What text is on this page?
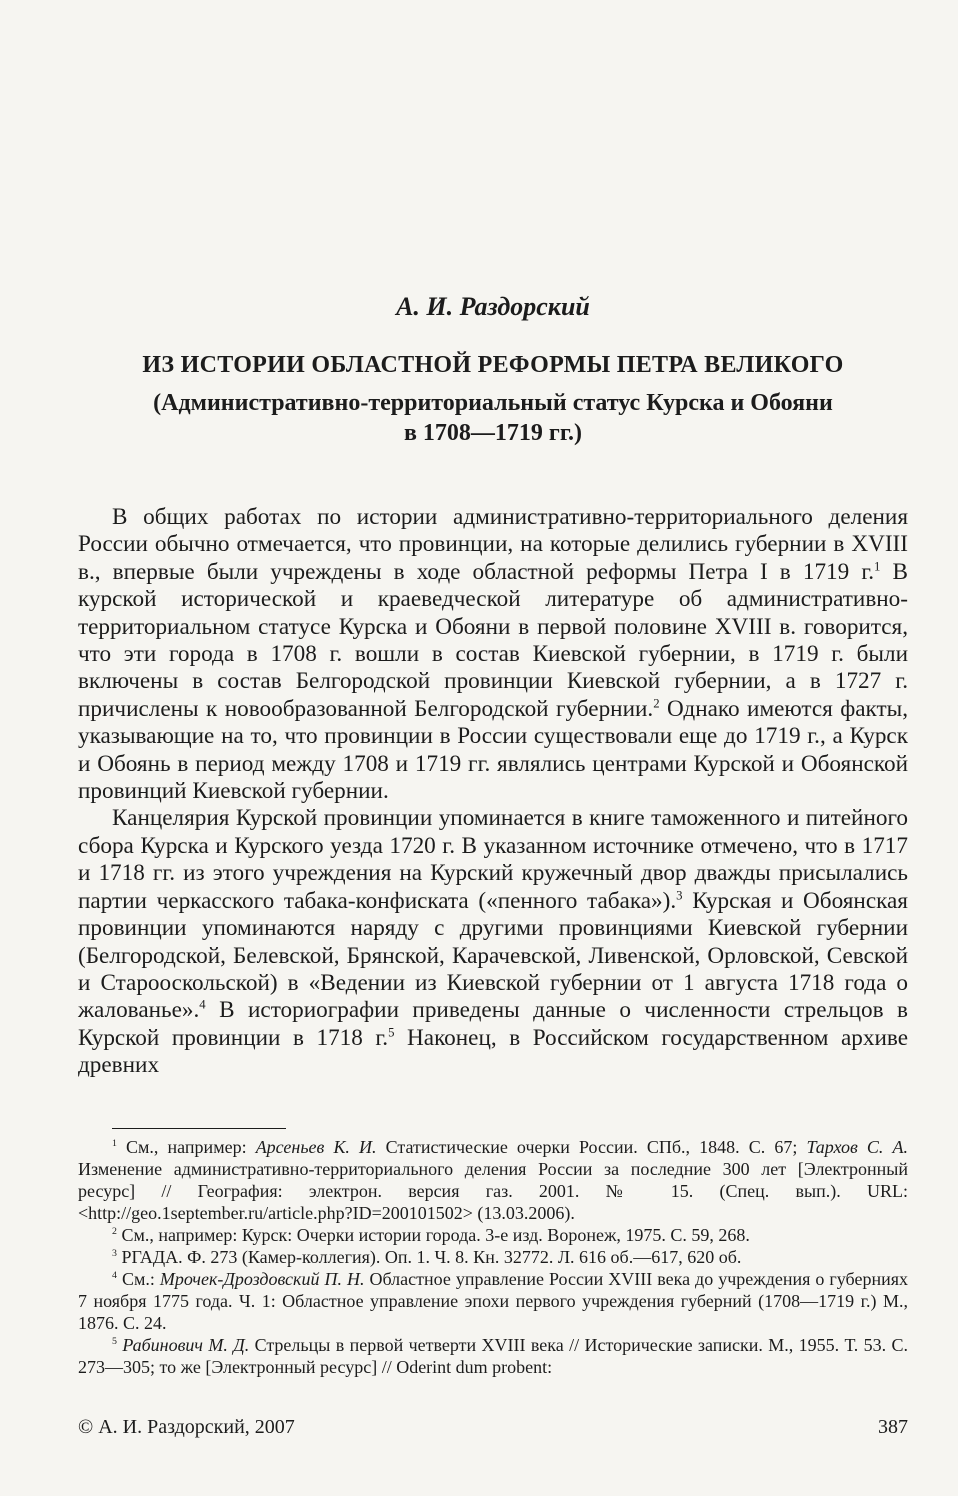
А. И. Раздорский
ИЗ ИСТОРИИ ОБЛАСТНОЙ РЕФОРМЫ ПЕТРА ВЕЛИКОГО
(Административно-территориальный статус Курска и Обояни
в 1708—1719 гг.)

В общих работах по истории административно-территориального деления России обычно отмечается, что провинции, на которые делились губернии в XVIII в., впервые были учреждены в ходе областной реформы Петра I в 1719 г.$^1$ В курской исторической и краеведческой литературе об административно-территориальном статусе Курска и Обояни в первой половине XVIII в. говорится, что эти города в 1708 г. вошли в состав Киевской губернии, в 1719 г. были включены в состав Белгородской провинции Киевской губернии, а в 1727 г. причислены к новообразованной Белгородской губернии.$^2$ Однако имеются факты, указывающие на то, что провинции в России существовали еще до 1719 г., а Курск и Обоянь в период между 1708 и 1719 гг. являлись центрами Курской и Обоянской провинций Киевской губернии.

Канцелярия Курской провинции упоминается в книге таможенного и питейного сбора Курска и Курского уезда 1720 г. В указанном источнике отмечено, что в 1717 и 1718 гг. из этого учреждения на Курский кружечный двор дважды присылались партии черкасского табака-конфиската («пенного табака»).$^3$ Курская и Обоянская провинции упоминаются наряду с другими провинциями Киевской губернии (Белгородской, Белевской, Брянской, Карачевской, Ливенской, Орловской, Севской и Старооскольской) в «Ведении из Киевской губернии от 1 августа 1718 года о жалованье».$^4$ В историографии приведены данные о численности стрельцов в Курской провинции в 1718 г.$^5$ Наконец, в Российском государственном архиве древних

$^1$ См., например: Арсеньев К. И. Статистические очерки России. СПб., 1848. С. 67; Тархов С. А. Изменение административно-территориального деления России за последние 300 лет [Электронный ресурс] // География: электрон. версия газ. 2001. № 15. (Спец. вып.). URL: <http://geo.1september.ru/article.php?ID=200101502> (13.03.2006).

$^2$ См., например: Курск: Очерки истории города. 3-е изд. Воронеж, 1975. С. 59, 268.

$^3$ РГАДА. Ф. 273 (Камер-коллегия). Оп. 1. Ч. 8. Кн. 32772. Л. 616 об.—617, 620 об.

$^4$ См.: Мрочек-Дроздовский П. Н. Областное управление России XVIII века до учреждения о губерниях 7 ноября 1775 года. Ч. 1: Областное управление эпохи первого учреждения губерний (1708—1719 г.) М., 1876. С. 24.

$^5$ Рабинович М. Д. Стрельцы в первой четверти XVIII века // Исторические записки. М., 1955. Т. 53. С. 273—305; то же [Электронный ресурс] // Oderint dum probent:

© А. И. Раздорский, 2007	387
